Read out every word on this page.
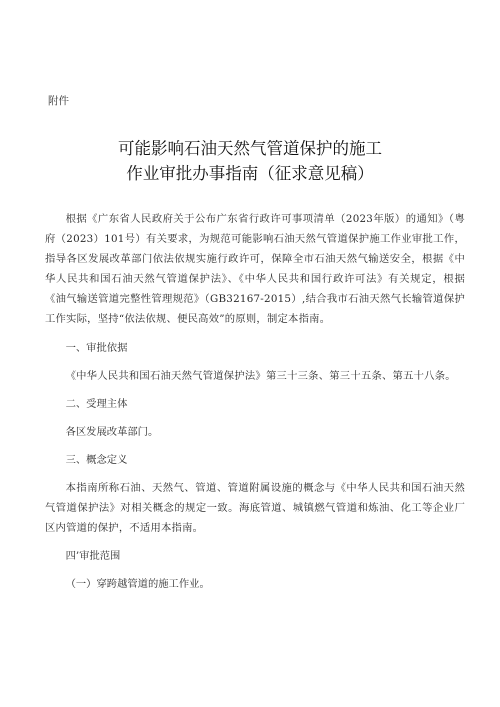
附件
可能影响石油天然气管道保护的施工
作业审批办事指南（征求意见稿）

根据《广东省人民政府关于公布广东省行政许可事项清单（2023年版）的通知》（粤府（2023）101号）有关要求，为规范可能影响石油天然气管道保护施工作业审批工作，指导各区发展改革部门依法依规实施行政许可，保障全市石油天然气输送安全，根据《中华人民共和国石油天然气管道保护法》、《中华人民共和国行政许可法》有关规定，根据《油气输送管道完整性管理规范》（GB32167-2015）,结合我市石油天然气长输管道保护工作实际，坚持“依法依规、便民高效”的原则，制定本指南。

一、审批依据

《中华人民共和国石油天然气管道保护法》第三十三条、第三十五条、第五十八条。

二、受理主体

各区发展改革部门。

三、概念定义

本指南所称石油、天然气、管道、管道附属设施的概念与《中华人民共和国石油天然气管道保护法》对相关概念的规定一致。海底管道、城镇燃气管道和炼油、化工等企业厂区内管道的保护，不适用本指南。

四’审批范围

（一）穿跨越管道的施工作业。
